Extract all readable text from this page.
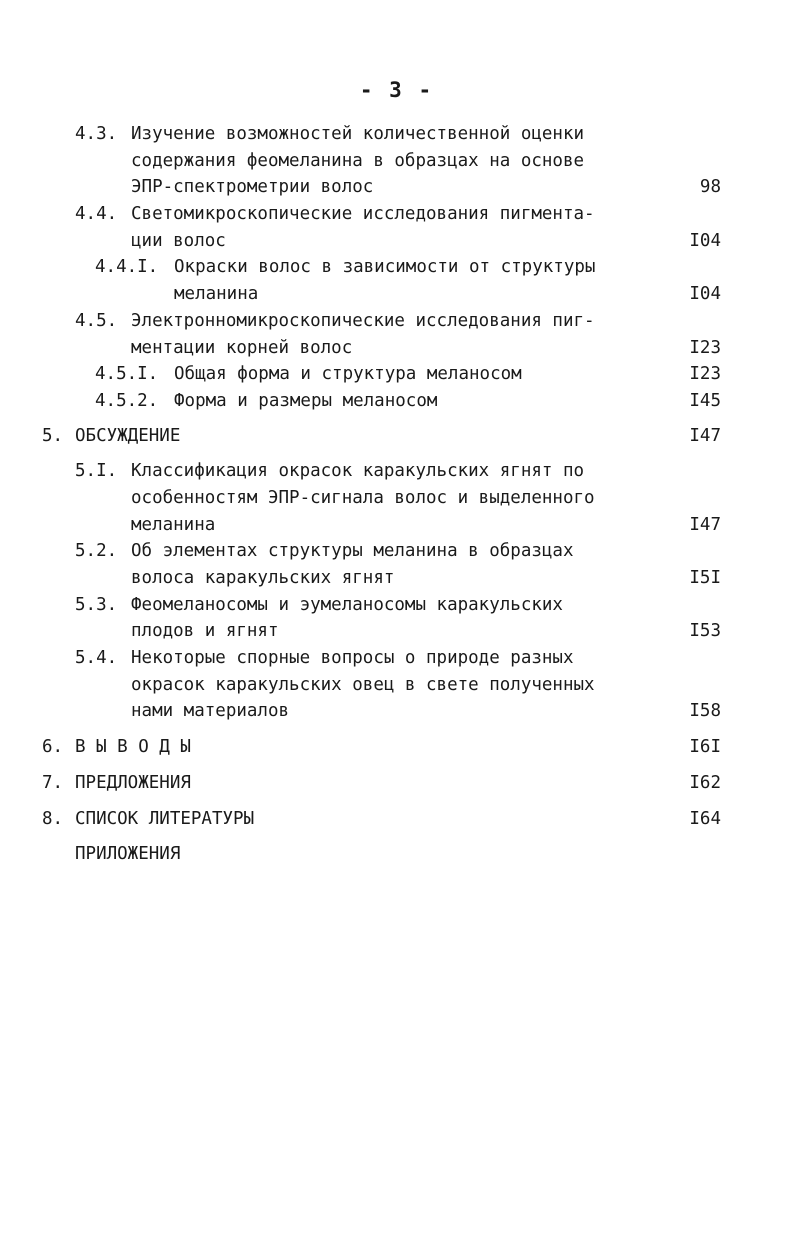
- 3 -
4.3. Изучение возможностей количественной оценки
содержания феомеланина в образцах на основе
ЭПР-спектрометрии волос	98
4.4. Светомикроскопические исследования пигмента-
ции волос	I04
4.4.I. Окраски волос в зависимости от структуры
меланина	I04
4.5. Электронномикроскопические исследования пиг-
ментации корней волос	I23
4.5.I. Общая форма и структура меланосом	I23
4.5.2. Форма и размеры меланосом	I45
5. ОБСУЖДЕНИЕ	I47
5.I. Классификация окрасок каракульских ягнят по
особенностям ЭПР-сигнала волос и выделенного
меланина	I47
5.2. Об элементах структуры меланина в образцах
волоса каракульских ягнят	I5I
5.3. Феомеланосомы и эумеланосомы каракульских
плодов и ягнят	I53
5.4. Некоторые спорные вопросы о природе разных
окрасок каракульских овец в свете полученных
нами материалов	I58
6. В Ы В О Д Ы	I6I
7. ПРЕДЛОЖЕНИЯ	I62
8. СПИСОК ЛИТЕРАТУРЫ	I64
ПРИЛОЖЕНИЯ
